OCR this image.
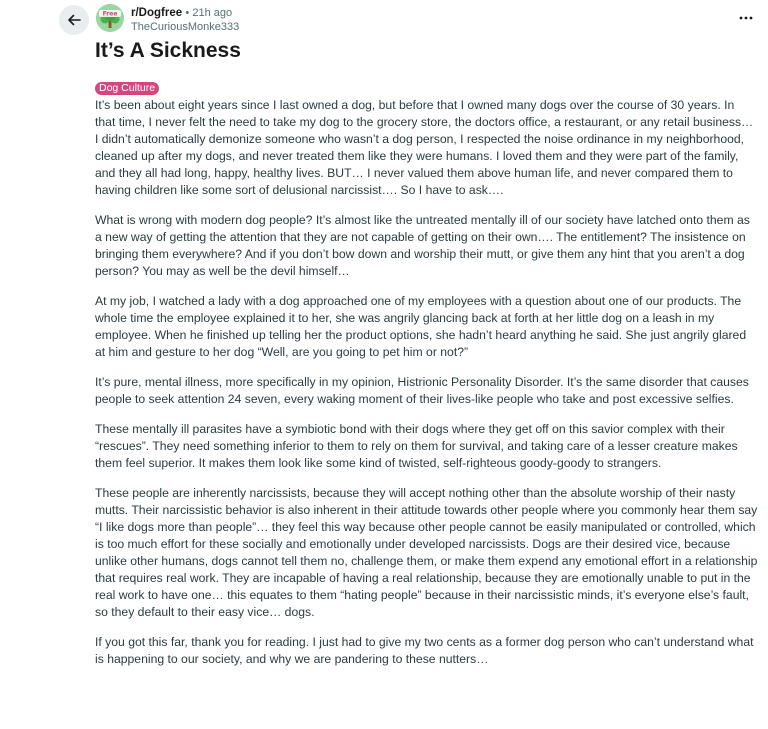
Free r/Dogfree • 21h ago
TheCuriousMonke333
It’s A Sickness
Dog Culture

It’s been about eight years since I last owned a dog, but before that I owned many dogs over the course of 30 years. In that time, I never felt the need to take my dog to the grocery store, the doctors office, a restaurant, or any retail business… I didn’t automatically demonize someone who wasn’t a dog person, I respected the noise ordinance in my neighborhood, cleaned up after my dogs, and never treated them like they were humans. I loved them and they were part of the family, and they all had long, happy, healthy lives. BUT… I never valued them above human life, and never compared them to having children like some sort of delusional narcissist…. So I have to ask….

What is wrong with modern dog people? It’s almost like the untreated mentally ill of our society have latched onto them as a new way of getting the attention that they are not capable of getting on their own…. The entitlement? The insistence on bringing them everywhere? And if you don’t bow down and worship their mutt, or give them any hint that you aren’t a dog person? You may as well be the devil himself…

At my job, I watched a lady with a dog approached one of my employees with a question about one of our products. The whole time the employee explained it to her, she was angrily glancing back at forth at her little dog on a leash in my employee. When he finished up telling her the product options, she hadn’t heard anything he said. She just angrily glared at him and gesture to her dog “Well, are you going to pet him or not?”

It’s pure, mental illness, more specifically in my opinion, Histrionic Personality Disorder. It’s the same disorder that causes people to seek attention 24 seven, every waking moment of their lives-like people who take and post excessive selfies.

These mentally ill parasites have a symbiotic bond with their dogs where they get off on this savior complex with their “rescues”. They need something inferior to them to rely on them for survival, and taking care of a lesser creature makes them feel superior. It makes them look like some kind of twisted, self-righteous goody-goody to strangers.

These people are inherently narcissists, because they will accept nothing other than the absolute worship of their nasty mutts. Their narcissistic behavior is also inherent in their attitude towards other people where you commonly hear them say “I like dogs more than people”… they feel this way because other people cannot be easily manipulated or controlled, which is too much effort for these socially and emotionally under developed narcissists. Dogs are their desired vice, because unlike other humans, dogs cannot tell them no, challenge them, or make them expend any emotional effort in a relationship that requires real work. They are incapable of having a real relationship, because they are emotionally unable to put in the real work to have one… this equates to them “hating people” because in their narcissistic minds, it’s everyone else’s fault, so they default to their easy vice… dogs.

If you got this far, thank you for reading. I just had to give my two cents as a former dog person who can’t understand what is happening to our society, and why we are pandering to these nutters…
